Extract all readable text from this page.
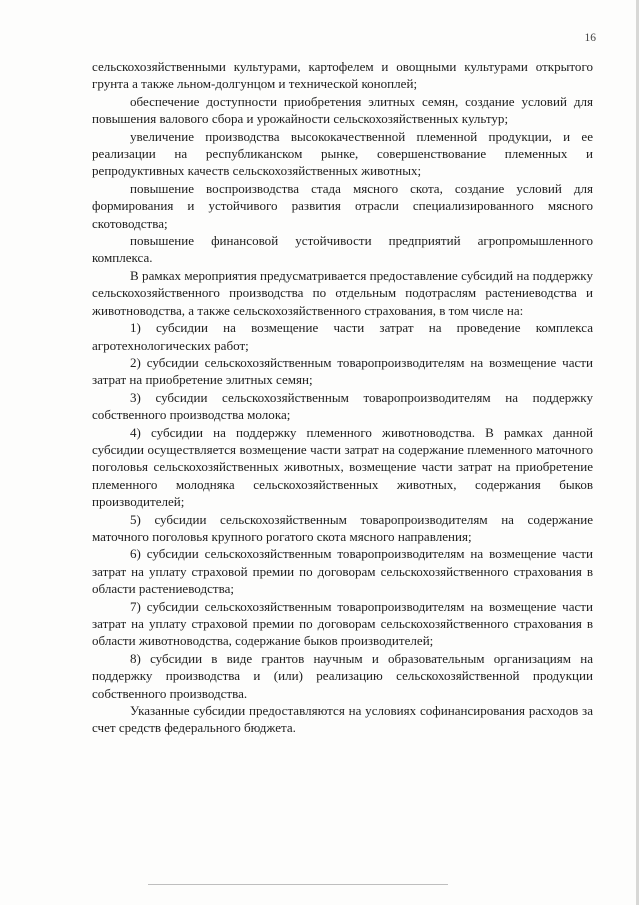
16

сельскохозяйственными культурами, картофелем и овощными культурами открытого грунта а также льном-долгунцом и технической коноплей;

обеспечение доступности приобретения элитных семян, создание условий для повышения валового сбора и урожайности сельскохозяйственных культур;

увеличение производства высококачественной племенной продукции, и ее реализации на республиканском рынке, совершенствование племенных и репродуктивных качеств сельскохозяйственных животных;

повышение воспроизводства стада мясного скота, создание условий для формирования и устойчивого развития отрасли специализированного мясного скотоводства;

повышение финансовой устойчивости предприятий агропромышленного комплекса.

В рамках мероприятия предусматривается предоставление субсидий на поддержку сельскохозяйственного производства по отдельным подотраслям растениеводства и животноводства, а также сельскохозяйственного страхования, в том числе на:

1) субсидии на возмещение части затрат на проведение комплекса агротехнологических работ;

2) субсидии сельскохозяйственным товаропроизводителям на возмещение части затрат на приобретение элитных семян;

3) субсидии сельскохозяйственным товаропроизводителям на поддержку собственного производства молока;

4) субсидии на поддержку племенного животноводства. В рамках данной субсидии осуществляется возмещение части затрат на содержание племенного маточного поголовья сельскохозяйственных животных, возмещение части затрат на приобретение племенного молодняка сельскохозяйственных животных, содержания быков производителей;

5) субсидии сельскохозяйственным товаропроизводителям на содержание маточного поголовья крупного рогатого скота мясного направления;

6) субсидии сельскохозяйственным товаропроизводителям на возмещение части затрат на уплату страховой премии по договорам сельскохозяйственного страхования в области растениеводства;

7) субсидии сельскохозяйственным товаропроизводителям на возмещение части затрат на уплату страховой премии по договорам сельскохозяйственного страхования в области животноводства, содержание быков производителей;

8) субсидии в виде грантов научным и образовательным организациям на поддержку производства и (или) реализацию сельскохозяйственной продукции собственного производства.

Указанные субсидии предоставляются на условиях софинансирования расходов за счет средств федерального бюджета.
